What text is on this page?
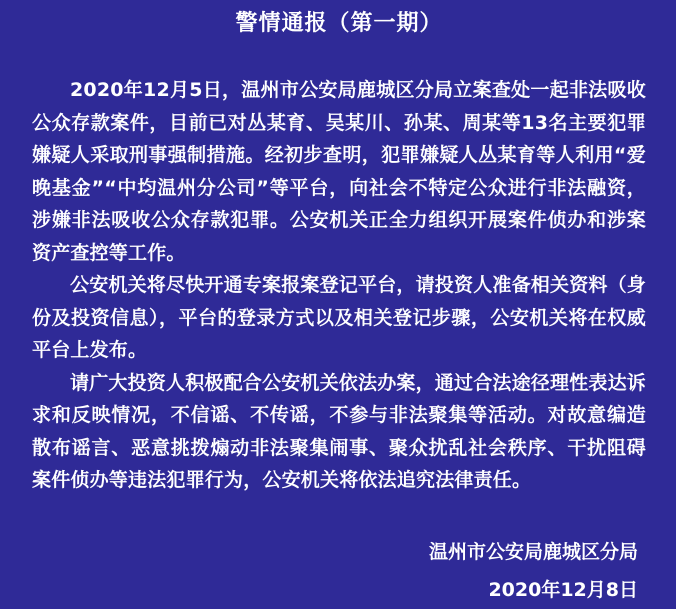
警情通报（第一期）

2020年12月5日，温州市公安局鹿城区分局立案查处一起非法吸收公众存款案件，目前已对丛某育、吴某川、孙某、周某等13名主要犯罪嫌疑人采取刑事强制措施。经初步查明，犯罪嫌疑人丛某育等人利用“爱晚基金”“中均温州分公司”等平台，向社会不特定公众进行非法融资，涉嫌非法吸收公众存款犯罪。公安机关正全力组织开展案件侦办和涉案资产查控等工作。

公安机关将尽快开通专案报案登记平台，请投资人准备相关资料（身份及投资信息），平台的登录方式以及相关登记步骤，公安机关将在权威平台上发布。

请广大投资人积极配合公安机关依法办案，通过合法途径理性表达诉求和反映情况，不信谣、不传谣，不参与非法聚集等活动。对故意编造散布谣言、恶意挑拨煽动非法聚集闹事、聚众扰乱社会秩序、干扰阻碍案件侦办等违法犯罪行为，公安机关将依法追究法律责任。

温州市公安局鹿城区分局
2020年12月8日
